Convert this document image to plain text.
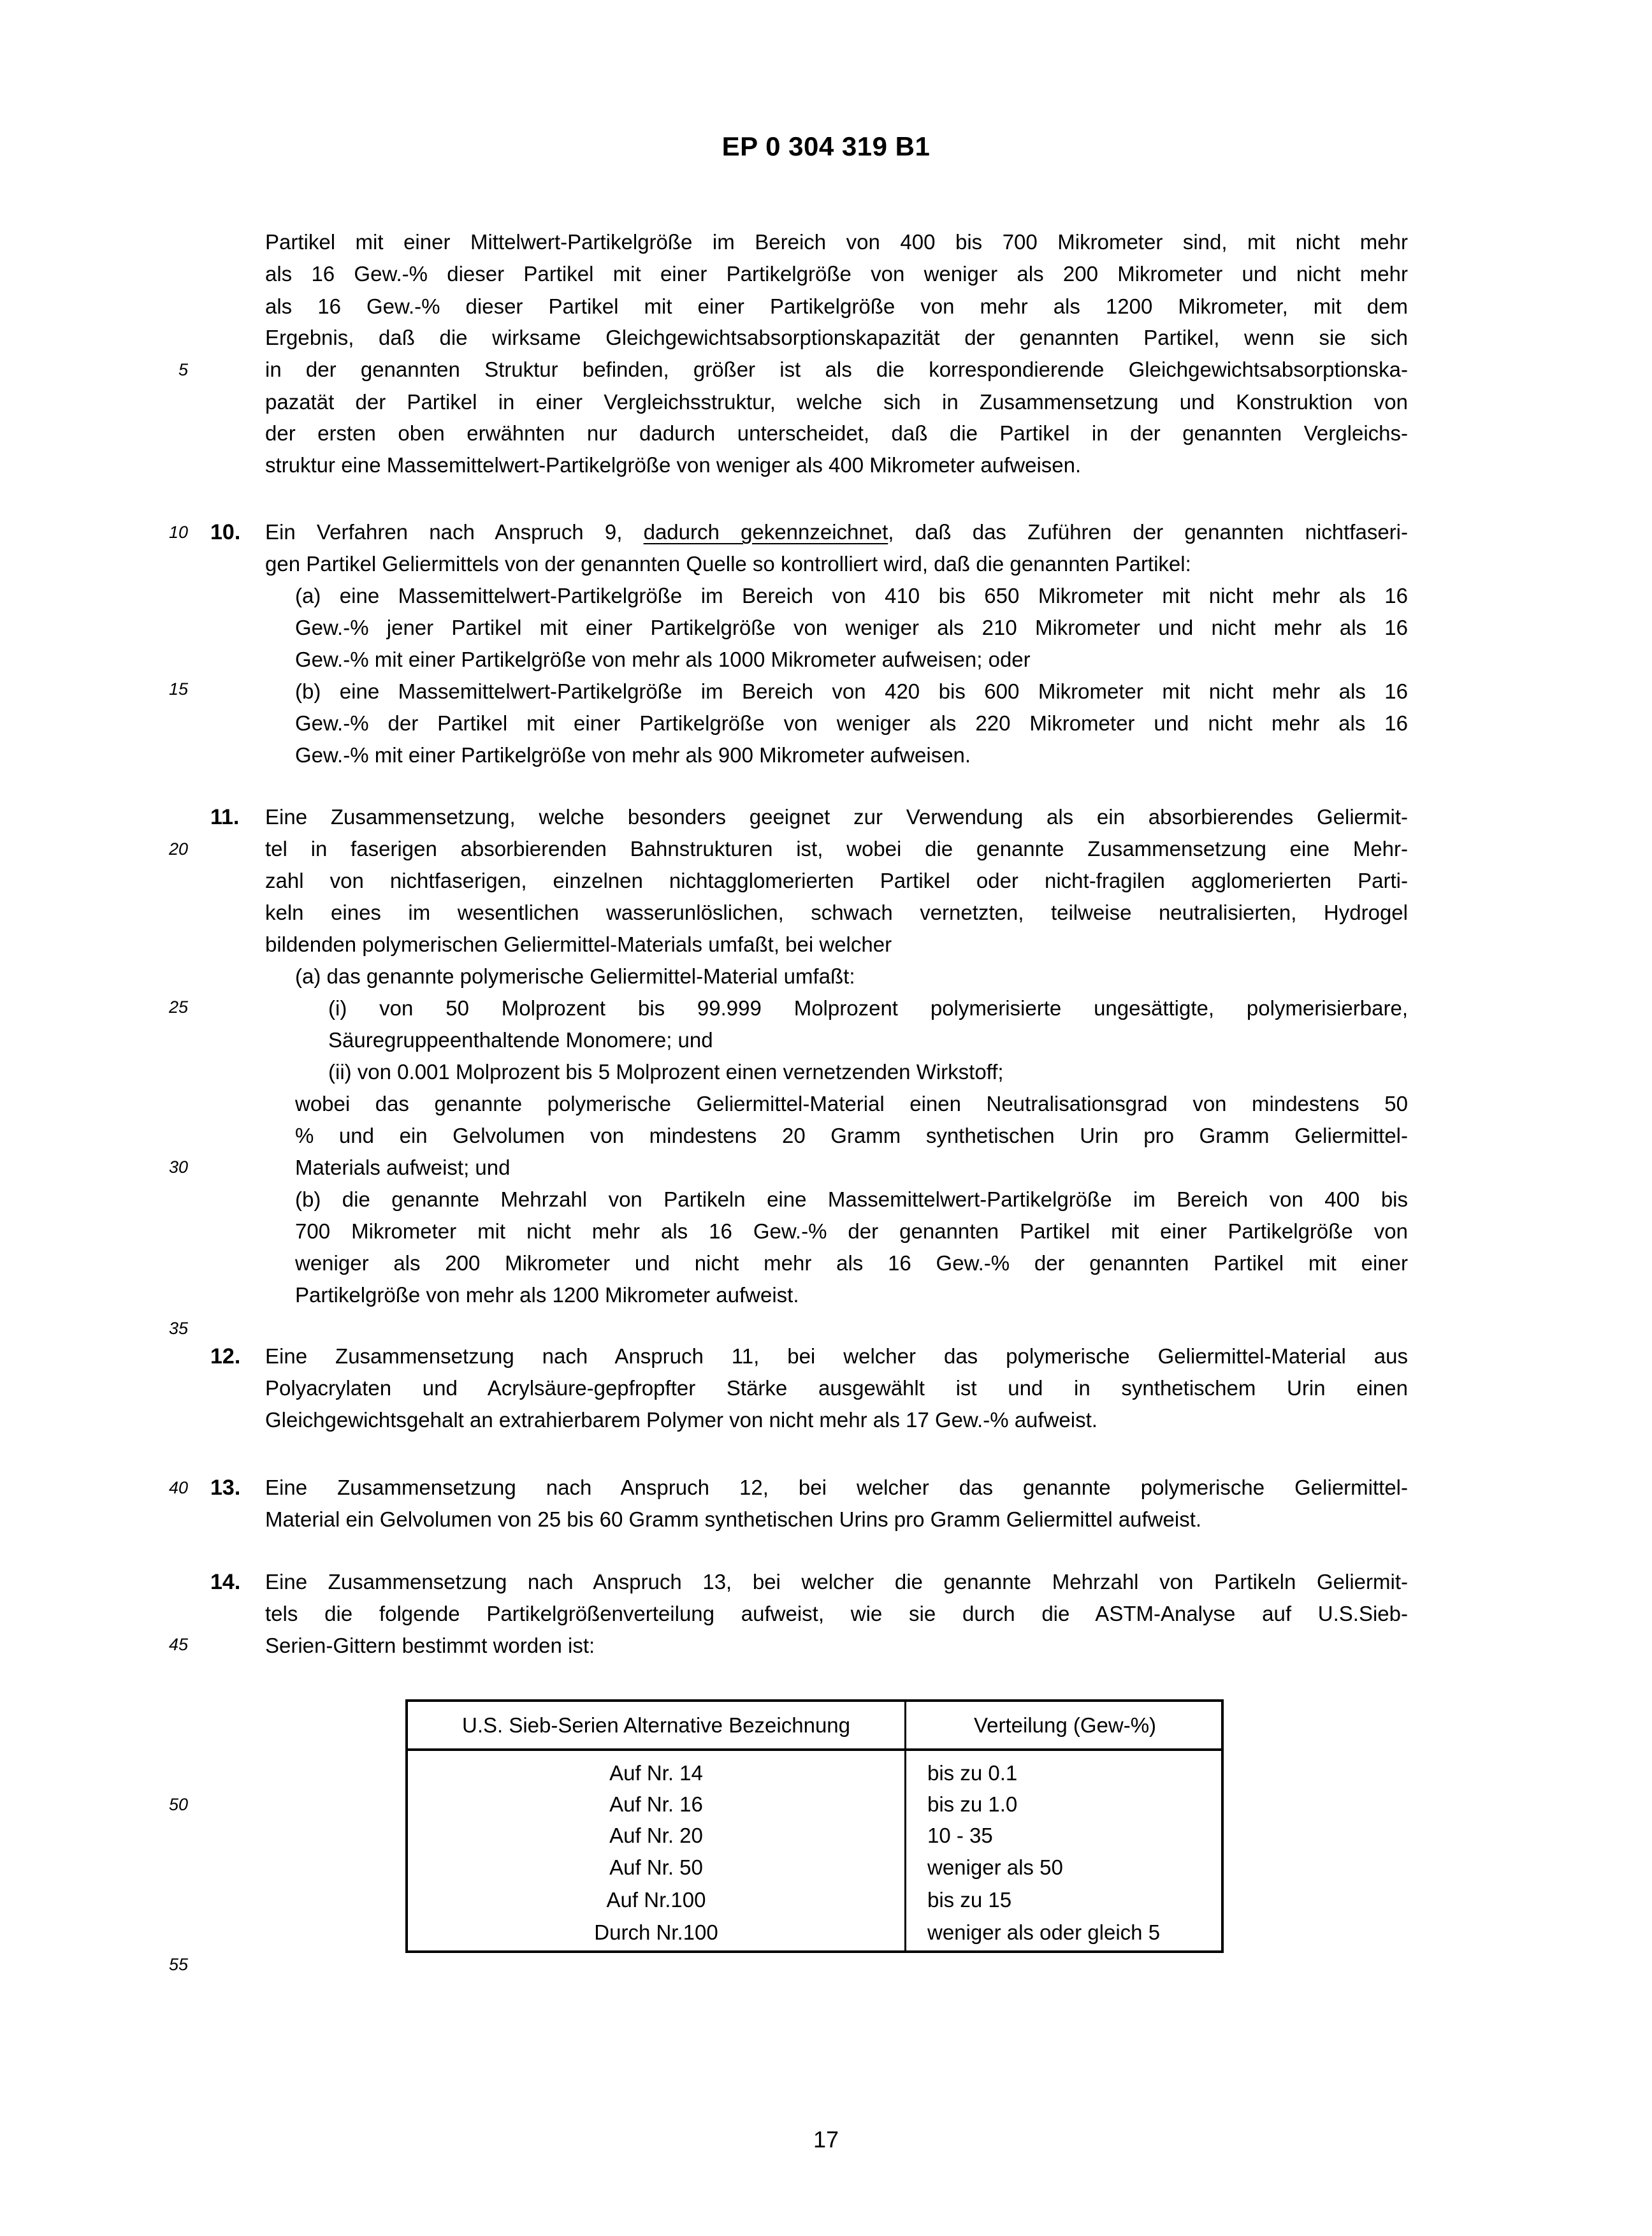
EP 0 304 319 B1
5
10
15
20
25
30
35
40
45
50
55
Partikel mit einer Mittelwert-Partikelgröße im Bereich von 400 bis 700 Mikrometer sind, mit nicht mehr
als 16 Gew.-% dieser Partikel mit einer Partikelgröße von weniger als 200 Mikrometer und nicht mehr
als 16 Gew.-% dieser Partikel mit einer Partikelgröße von mehr als 1200 Mikrometer, mit dem
Ergebnis, daß die wirksame Gleichgewichtsabsorptionskapazität der genannten Partikel, wenn sie sich
in der genannten Struktur befinden, größer ist als die korrespondierende Gleichgewichtsabsorptionska-
pazatät der Partikel in einer Vergleichsstruktur, welche sich in Zusammensetzung und Konstruktion von
der ersten oben erwähnten nur dadurch unterscheidet, daß die Partikel in der genannten Vergleichs-
struktur eine Massemittelwert-Partikelgröße von weniger als 400 Mikrometer aufweisen.
10.	Ein Verfahren nach Anspruch 9, dadurch gekennzeichnet, daß das Zuführen der genannten nichtfaseri-
gen Partikel Geliermittels von der genannten Quelle so kontrolliert wird, daß die genannten Partikel:
(a) eine Massemittelwert-Partikelgröße im Bereich von 410 bis 650 Mikrometer mit nicht mehr als 16
Gew.-% jener Partikel mit einer Partikelgröße von weniger als 210 Mikrometer und nicht mehr als 16
Gew.-% mit einer Partikelgröße von mehr als 1000 Mikrometer aufweisen; oder
(b) eine Massemittelwert-Partikelgröße im Bereich von 420 bis 600 Mikrometer mit nicht mehr als 16
Gew.-% der Partikel mit einer Partikelgröße von weniger als 220 Mikrometer und nicht mehr als 16
Gew.-% mit einer Partikelgröße von mehr als 900 Mikrometer aufweisen.
11.	Eine Zusammensetzung, welche besonders geeignet zur Verwendung als ein absorbierendes Geliermit-
tel in faserigen absorbierenden Bahnstrukturen ist, wobei die genannte Zusammensetzung eine Mehr-
zahl von nichtfaserigen, einzelnen nichtagglomerierten Partikel oder nicht-fragilen agglomerierten Parti-
keln eines im wesentlichen wasserunlöslichen, schwach vernetzten, teilweise neutralisierten, Hydrogel
bildenden polymerischen Geliermittel-Materials umfaßt, bei welcher
(a) das genannte polymerische Geliermittel-Material umfaßt:
(i) von 50 Molprozent bis 99.999 Molprozent polymerisierte ungesättigte, polymerisierbare,
Säuregruppeenthaltende Monomere; und
(ii) von 0.001 Molprozent bis 5 Molprozent einen vernetzenden Wirkstoff;
wobei das genannte polymerische Geliermittel-Material einen Neutralisationsgrad von mindestens 50
% und ein Gelvolumen von mindestens 20 Gramm synthetischen Urin pro Gramm Geliermittel-
Materials aufweist; und
(b) die genannte Mehrzahl von Partikeln eine Massemittelwert-Partikelgröße im Bereich von 400 bis
700 Mikrometer mit nicht mehr als 16 Gew.-% der genannten Partikel mit einer Partikelgröße von
weniger als 200 Mikrometer und nicht mehr als 16 Gew.-% der genannten Partikel mit einer
Partikelgröße von mehr als 1200 Mikrometer aufweist.
12.	Eine Zusammensetzung nach Anspruch 11, bei welcher das polymerische Geliermittel-Material aus
Polyacrylaten und Acrylsäure-gepfropfter Stärke ausgewählt ist und in synthetischem Urin einen
Gleichgewichtsgehalt an extrahierbarem Polymer von nicht mehr als 17 Gew.-% aufweist.
13.	Eine Zusammensetzung nach Anspruch 12, bei welcher das genannte polymerische Geliermittel-
Material ein Gelvolumen von 25 bis 60 Gramm synthetischen Urins pro Gramm Geliermittel aufweist.
14.	Eine Zusammensetzung nach Anspruch 13, bei welcher die genannte Mehrzahl von Partikeln Geliermit-
tels die folgende Partikelgrößenverteilung aufweist, wie sie durch die ASTM-Analyse auf U.S.Sieb-
Serien-Gittern bestimmt worden ist:
U.S. Sieb-Serien Alternative Bezeichnung	Verteilung (Gew-%)
Auf Nr. 14	bis zu 0.1
Auf Nr. 16	bis zu 1.0
Auf Nr. 20	10 - 35
Auf Nr. 50	weniger als 50
Auf Nr.100	bis zu 15
Durch Nr.100	weniger als oder gleich 5
17
